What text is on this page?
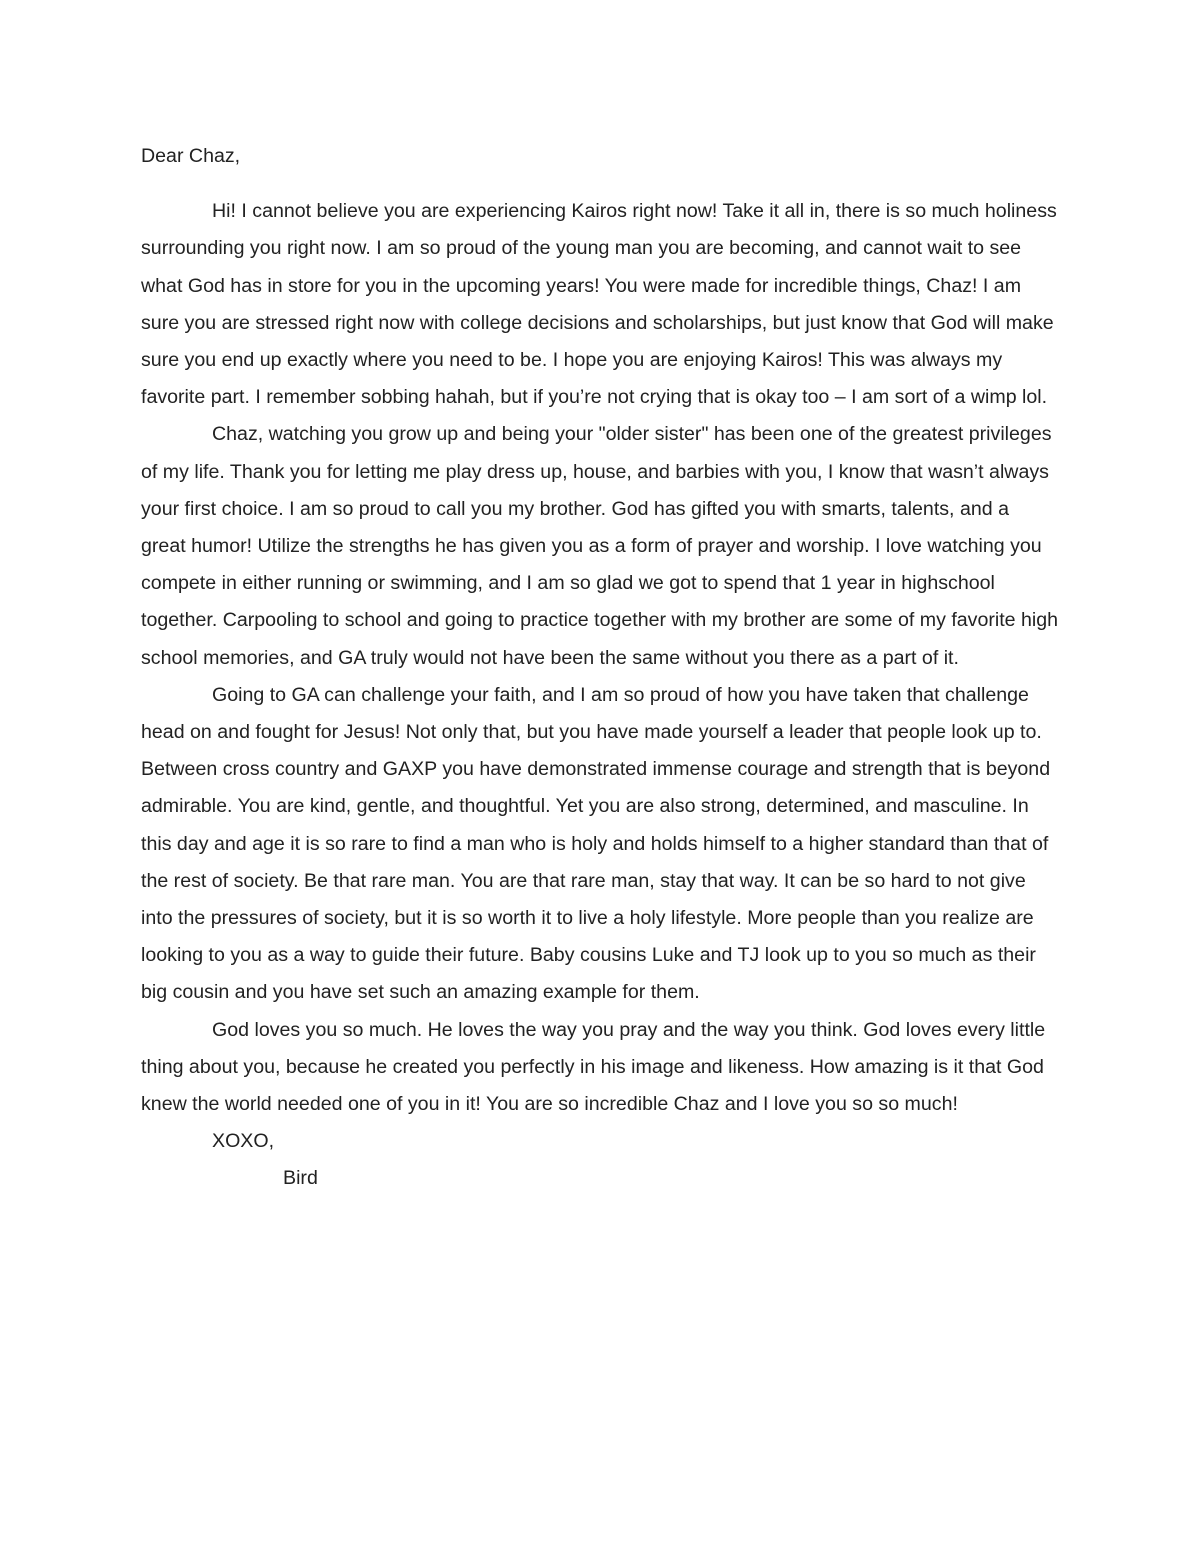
Dear Chaz,

Hi! I cannot believe you are experiencing Kairos right now! Take it all in, there is so much holiness surrounding you right now. I am so proud of the young man you are becoming, and cannot wait to see what God has in store for you in the upcoming years! You were made for incredible things, Chaz! I am sure you are stressed right now with college decisions and scholarships, but just know that God will make sure you end up exactly where you need to be. I hope you are enjoying Kairos! This was always my favorite part. I remember sobbing hahah, but if you’re not crying that is okay too – I am sort of a wimp lol.

Chaz, watching you grow up and being your "older sister" has been one of the greatest privileges of my life. Thank you for letting me play dress up, house, and barbies with you, I know that wasn’t always your first choice. I am so proud to call you my brother. God has gifted you with smarts, talents, and a great humor! Utilize the strengths he has given you as a form of prayer and worship. I love watching you compete in either running or swimming, and I am so glad we got to spend that 1 year in highschool together. Carpooling to school and going to practice together with my brother are some of my favorite high school memories, and GA truly would not have been the same without you there as a part of it.

Going to GA can challenge your faith, and I am so proud of how you have taken that challenge head on and fought for Jesus! Not only that, but you have made yourself a leader that people look up to. Between cross country and GAXP you have demonstrated immense courage and strength that is beyond admirable. You are kind, gentle, and thoughtful. Yet you are also strong, determined, and masculine. In this day and age it is so rare to find a man who is holy and holds himself to a higher standard than that of the rest of society. Be that rare man. You are that rare man, stay that way. It can be so hard to not give into the pressures of society, but it is so worth it to live a holy lifestyle. More people than you realize are looking to you as a way to guide their future. Baby cousins Luke and TJ look up to you so much as their big cousin and you have set such an amazing example for them.

God loves you so much. He loves the way you pray and the way you think. God loves every little thing about you, because he created you perfectly in his image and likeness. How amazing is it that God knew the world needed one of you in it! You are so incredible Chaz and I love you so so much!

XOXO,

Bird
